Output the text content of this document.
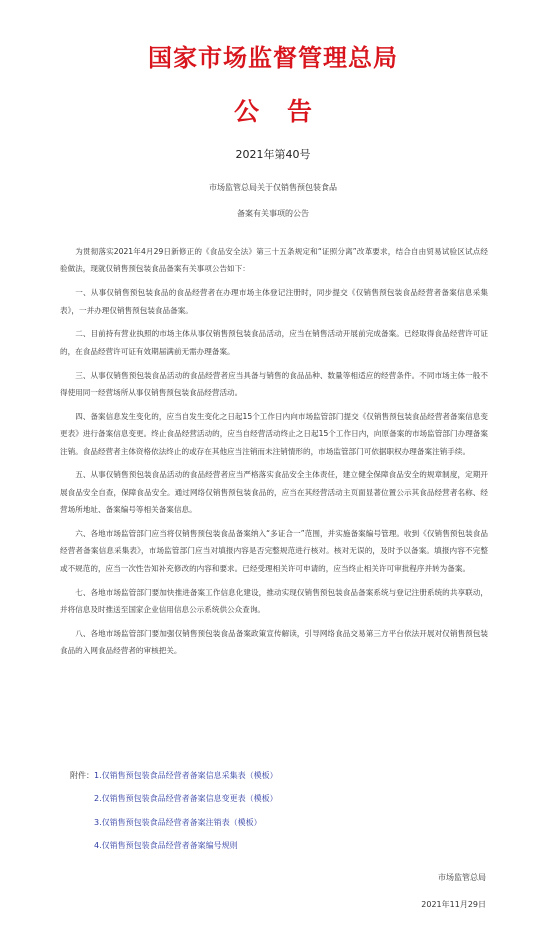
国家市场监督管理总局
公告
2021年第40号
市场监管总局关于仅销售预包装食品
备案有关事项的公告

为贯彻落实2021年4月29日新修正的《食品安全法》第三十五条规定和“证照分离”改革要求，结合自由贸易试验区试点经验做法，现就仅销售预包装食品备案有关事项公告如下：

一、从事仅销售预包装食品的食品经营者在办理市场主体登记注册时，同步提交《仅销售预包装食品经营者备案信息采集表》，一并办理仅销售预包装食品备案。

二、目前持有营业执照的市场主体从事仅销售预包装食品活动，应当在销售活动开展前完成备案。已经取得食品经营许可证的，在食品经营许可证有效期届满前无需办理备案。

三、从事仅销售预包装食品活动的食品经营者应当具备与销售的食品品种、数量等相适应的经营条件。不同市场主体一般不得使用同一经营场所从事仅销售预包装食品经营活动。

四、备案信息发生变化的，应当自发生变化之日起15个工作日内向市场监管部门提交《仅销售预包装食品经营者备案信息变更表》进行备案信息变更。终止食品经营活动的，应当自经营活动终止之日起15个工作日内，向原备案的市场监管部门办理备案注销。食品经营者主体资格依法终止的或存在其他应当注销而未注销情形的，市场监管部门可依据职权办理备案注销手续。

五、从事仅销售预包装食品活动的食品经营者应当严格落实食品安全主体责任，建立健全保障食品安全的规章制度，定期开展食品安全自查，保障食品安全。通过网络仅销售预包装食品的，应当在其经营活动主页面显著位置公示其食品经营者名称、经营场所地址、备案编号等相关备案信息。

六、各地市场监管部门应当将仅销售预包装食品备案纳入“多证合一”范围，并实施备案编号管理。收到《仅销售预包装食品经营者备案信息采集表》，市场监管部门应当对填报内容是否完整规范进行核对。核对无误的，及时予以备案。填报内容不完整或不规范的，应当一次性告知补充修改的内容和要求。已经受理相关许可申请的，应当终止相关许可审批程序并转为备案。

七、各地市场监管部门要加快推进备案工作信息化建设，推动实现仅销售预包装食品备案系统与登记注册系统的共享联动，并将信息及时推送至国家企业信用信息公示系统供公众查询。

八、各地市场监管部门要加强仅销售预包装食品备案政策宣传解读，引导网络食品交易第三方平台依法开展对仅销售预包装食品的入网食品经营者的审核把关。

附件：1.仅销售预包装食品经营者备案信息采集表（模板）
2.仅销售预包装食品经营者备案信息变更表（模板）
3.仅销售预包装食品经营者备案注销表（模板）
4.仅销售预包装食品经营者备案编号规则
市场监管总局
2021年11月29日
